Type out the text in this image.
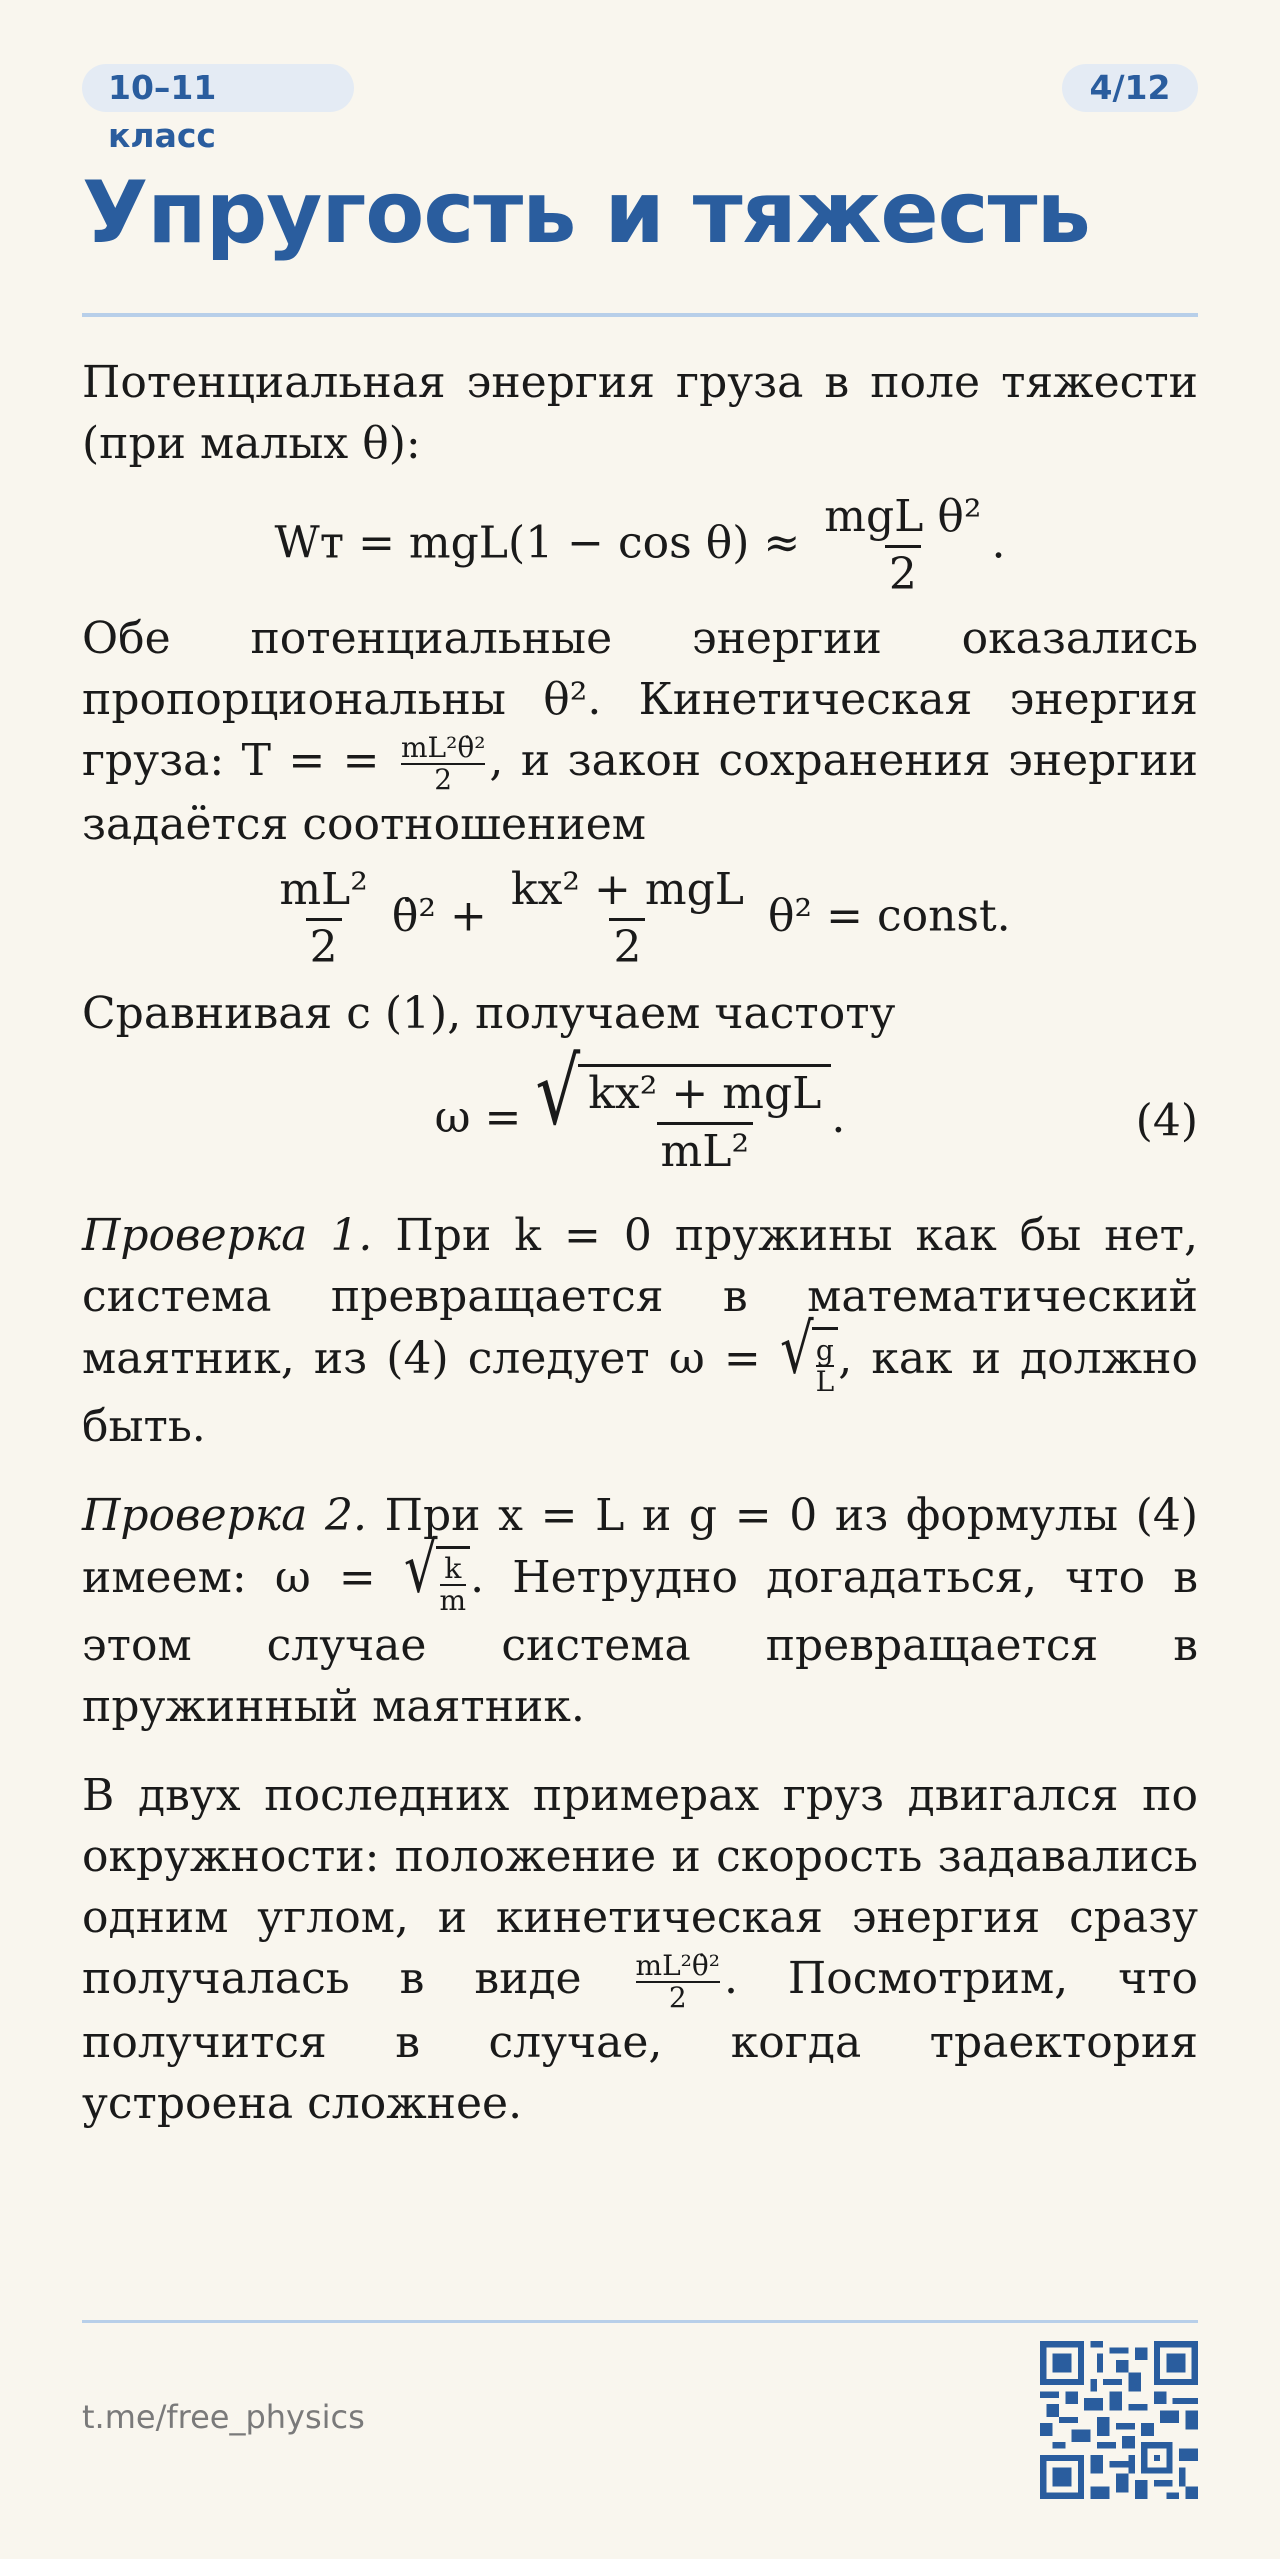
10–11 класс
4/12
Упругость и тяжесть

Потенциальная энергия груза в поле тяжести (при малых θ):

Wт = $mgL(1 - \cos \theta) \approx \frac{\text{mgL θ²}}{2}$ .

Обе потенциальные энергии оказались пропорциональны θ². Кинетическая энергия груза: T = = $\frac{\text{mL²θ̇²}}{2}$ , и закон сохранения энергии задаётся соотношением

$\frac{\text{mL²}}{2}$ θ̇² + $\frac{\text{kx² + mgL}}{2} \theta^2$ = const.

Сравнивая с (1), получаем частоту

ω = √ $\frac{\text{kx² + mgL}}{\text{mL²}}$ .	(4)

Проверка 1. При k = 0 пружины как бы нет, система превращается в математический маятник, из (4) следует ω = √ $\frac{g}{L}$ , как и должно быть.

Проверка 2. При x = L и g = 0 из формулы (4) имеем: ω = √ $\frac{k}{m}$ . Нетрудно догадаться, что в этом случае система превращается в пружинный маятник.

В двух последних примерах груз двигался по окружности: положение и скорость задавались одним углом, и кинетическая энергия сразу получалась в виде $\frac{\text{mL²θ̇²}}{2}$ . Посмотрим, что получится в случае, когда траектория устроена сложнее.

t.me/free_physics
